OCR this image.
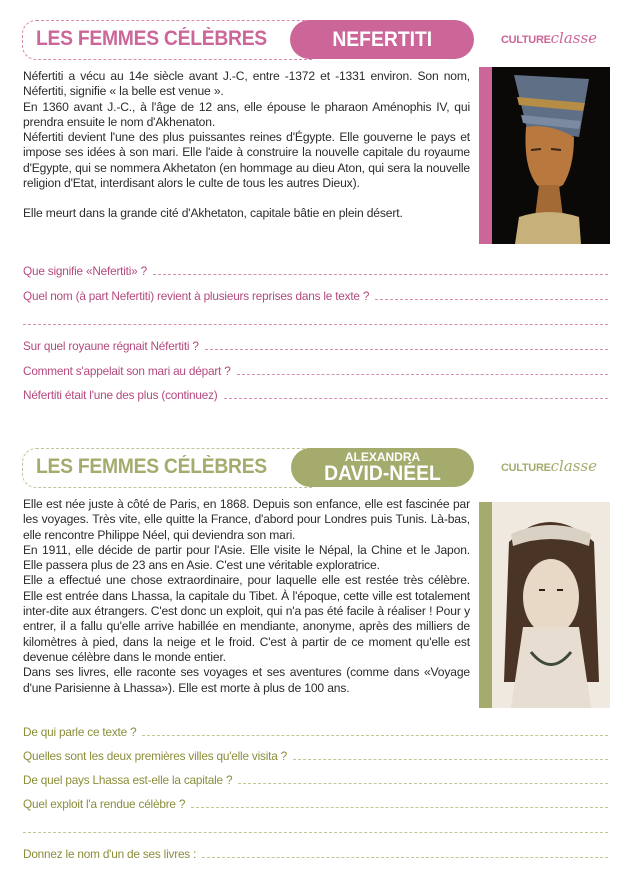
LES FEMMES CÉLÈBRES	NEFERTITI	CULTUREclasse

Néfertiti a vécu au 14e siècle avant J.-C, entre -1372 et -1331 environ. Son nom, Néfertiti, signifie « la belle est venue ».

En 1360 avant J.-C., à l'âge de 12 ans, elle épouse le pharaon Aménophis IV, qui prendra ensuite le nom d'Akhenaton.

Néfertiti devient l'une des plus puissantes reines d'Égypte. Elle gouverne le pays et impose ses idées à son mari. Elle l'aide à construire la nouvelle capitale du royaume d'Egypte, qui se nommera Akhetaton (en hommage au dieu Aton, qui sera la nouvelle religion d'Etat, interdisant alors le culte de tous les autres Dieux).

Elle meurt dans la grande cité d'Akhetaton, capitale bâtie en plein désert.

Que signifie «Nefertiti» ?
Quel nom (à part Nefertiti) revient à plusieurs reprises dans le texte ?
Sur quel royaune régnait Néfertiti ?
Comment s'appelait son mari au départ ?
Néfertiti était l'une des plus (continuez)
LES FEMMES CÉLÈBRES	ALEXANDRA
DAVID-NÉEL	CULTUREclasse

Elle est née juste à côté de Paris, en 1868. Depuis son enfance, elle est fascinée par les voyages. Très vite, elle quitte la France, d'abord pour Londres puis Tunis. Là-bas, elle rencontre Philippe Néel, qui deviendra son mari.

En 1911, elle décide de partir pour l'Asie. Elle visite le Népal, la Chine et le Japon. Elle passera plus de 23 ans en Asie. C'est une véritable exploratrice.

Elle a effectué une chose extraordinaire, pour laquelle elle est restée très célèbre. Elle est entrée dans Lhassa, la capitale du Tibet. À l'époque, cette ville est totalement inter-dite aux étrangers. C'est donc un exploit, qui n'a pas été facile à réaliser ! Pour y entrer, il a fallu qu'elle arrive habillée en mendiante, anonyme, après des milliers de kilomètres à pied, dans la neige et le froid. C'est à partir de ce moment qu'elle est devenue célèbre dans le monde entier.

Dans ses livres, elle raconte ses voyages et ses aventures (comme dans «Voyage d'une Parisienne à Lhassa»). Elle est morte à plus de 100 ans.

De qui parle ce texte ?
Quelles sont les deux premières villes qu'elle visita ?
De quel pays Lhassa est-elle la capitale ?
Quel exploit l'a rendue célèbre ?
Donnez le nom d'un de ses livres :
